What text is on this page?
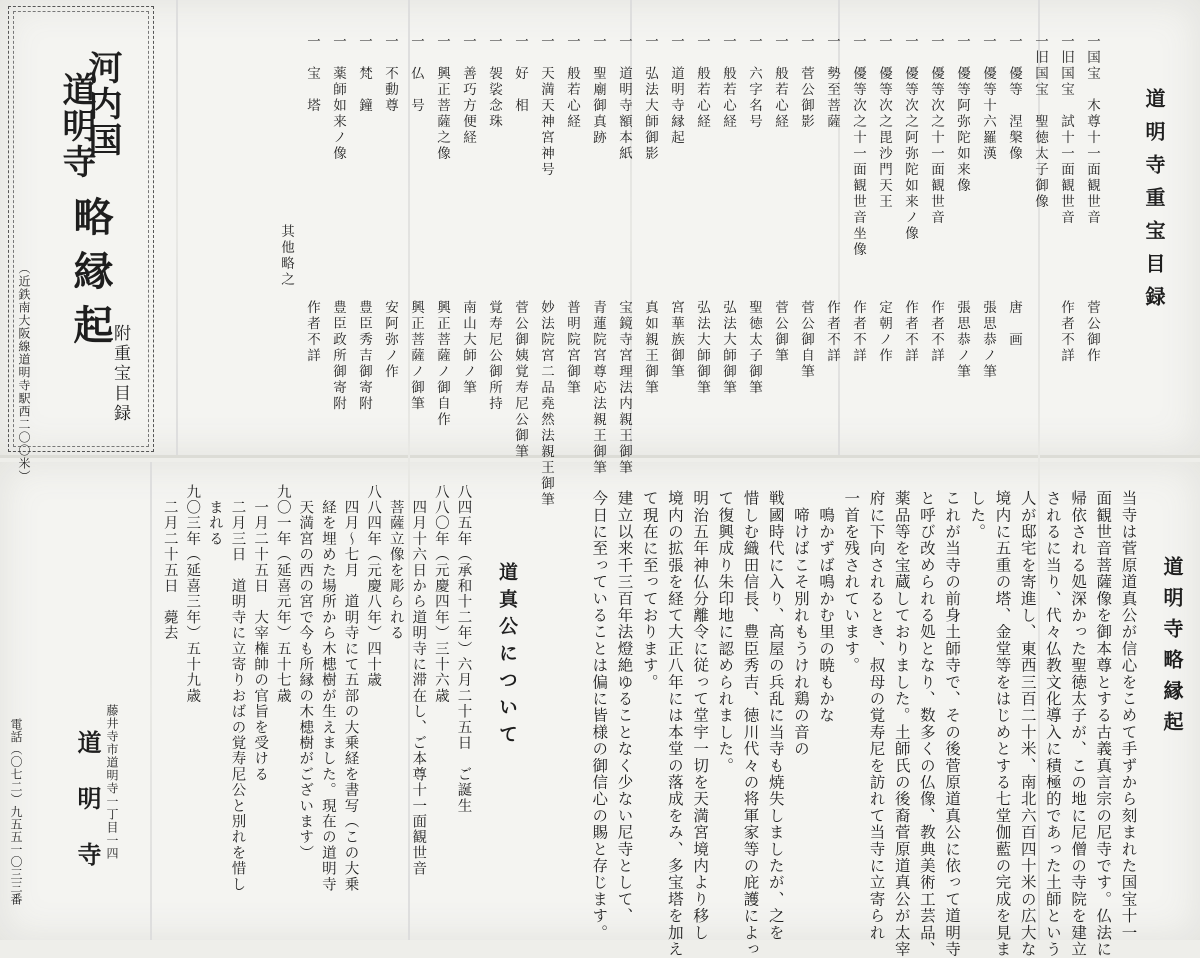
河内国
道明寺
略縁起
附重宝目録
（近鉄南大阪線道明寺駅西二〇〇米）
道明寺重宝目録
一国宝　木尊十一面観世音
菅公御作
一旧国宝　試十一面観世音
作者不詳
一旧国宝　聖徳太子御像
一　優等　涅槃像
唐　画
一　優等十六羅漢
張思恭ノ筆
一　優等阿弥陀如来像
張思恭ノ筆
一　優等次之十一面観世音
作者不詳
一　優等次之阿弥陀如来ノ像
作者不詳
一　優等次之毘沙門天王
定朝ノ作
一　優等次之十一面観世音坐像
作者不詳
一　勢至菩薩
作者不詳
一　菅公御影
菅公御自筆
一　般若心経
菅公御筆
一　六字名号
聖徳太子御筆
一　般若心経
弘法大師御筆
一　般若心経
弘法大師御筆
一　道明寺縁起
宮華族御筆
一　弘法大師御影
真如親王御筆
一　道明寺額本紙
宝鏡寺宮理法内親王御筆
一　聖廟御真跡
青蓮院宮尊応法親王御筆
一　般若心経
普明院宮御筆
一　天満天神宮神号
妙法院宮二品堯然法親王御筆
一　好　相
菅公御姨覚寿尼公御筆
一　袈裟念珠
覚寿尼公御所持
一　善巧方便経
南山大師ノ筆
一　興正菩薩之像
興正菩薩ノ御自作
一　仏　号
興正菩薩ノ御筆
一　不動尊
安阿弥ノ作
一　梵　鐘
豊臣秀吉御寄附
一　薬師如来ノ像
豊臣政所御寄附
一　宝　塔
作者不詳
其他略之
道明寺略縁起
当寺は菅原道真公が信心をこめて手ずから刻まれた国宝十一
面観世音菩薩像を御本尊とする古義真言宗の尼寺です。仏法に
帰依される処深かった聖徳太子が、この地に尼僧の寺院を建立
されるに当り、代々仏教文化導入に積極的であった土師という
人が邸宅を寄進し、東西三百二十米、南北六百四十米の広大な
境内に五重の塔、金堂等をはじめとする七堂伽藍の完成を見ま
した。
これが当寺の前身土師寺で、その後菅原道真公に依って道明寺
と呼び改められる処となり、数多くの仏像、教典美術工芸品、
薬品等を宝蔵しておりました。土師氏の後裔菅原道真公が太宰
府に下向されるとき、叔母の覚寿尼を訪れて当寺に立寄られ
一首を残されています。
　鳴かずば鳴かむ里の暁もかな
　啼けばこそ別れもうけれ鶏の音の
戦國時代に入り、高屋の兵乱に当寺も焼失しましたが、之を
惜しむ織田信長、豊臣秀吉、徳川代々の将軍家等の庇護によっ
て復興成り朱印地に認められました。
明治五年神仏分離令に従って堂宇一切を天満宮境内より移し
境内の拡張を経て大正八年には本堂の落成をみ、多宝塔を加え
て現在に至っております。
建立以来千三百年法燈絶ゆることなく少ない尼寺として、
今日に至っていることは偏に皆様の御信心の賜と存じます。
道真公について
八四五年（承和十二年）六月二十五日　ご誕生
八八〇年（元慶四年）三十六歳
　四月十六日から道明寺に滞在し、ご本尊十一面観世音
　菩薩立像を彫られる
八八四年（元慶八年）四十歳
　四月～七月　道明寺にて五部の大乗経を書写（この大乗
　経を埋めた場所から木槵樹が生えました。現在の道明寺
　天満宮の西の宮で今も所縁の木槵樹がございます）
九〇一年（延喜元年）五十七歳
　一月二十五日　大宰権帥の官旨を受ける
　二月三日　道明寺に立寄りおばの覚寿尼公と別れを惜し
　まれる
九〇三年（延喜三年）五十九歳
　二月二十五日　薨去
藤井寺市道明寺一丁目一四
道　明　寺
電話（〇七二）九五五一〇三三番
